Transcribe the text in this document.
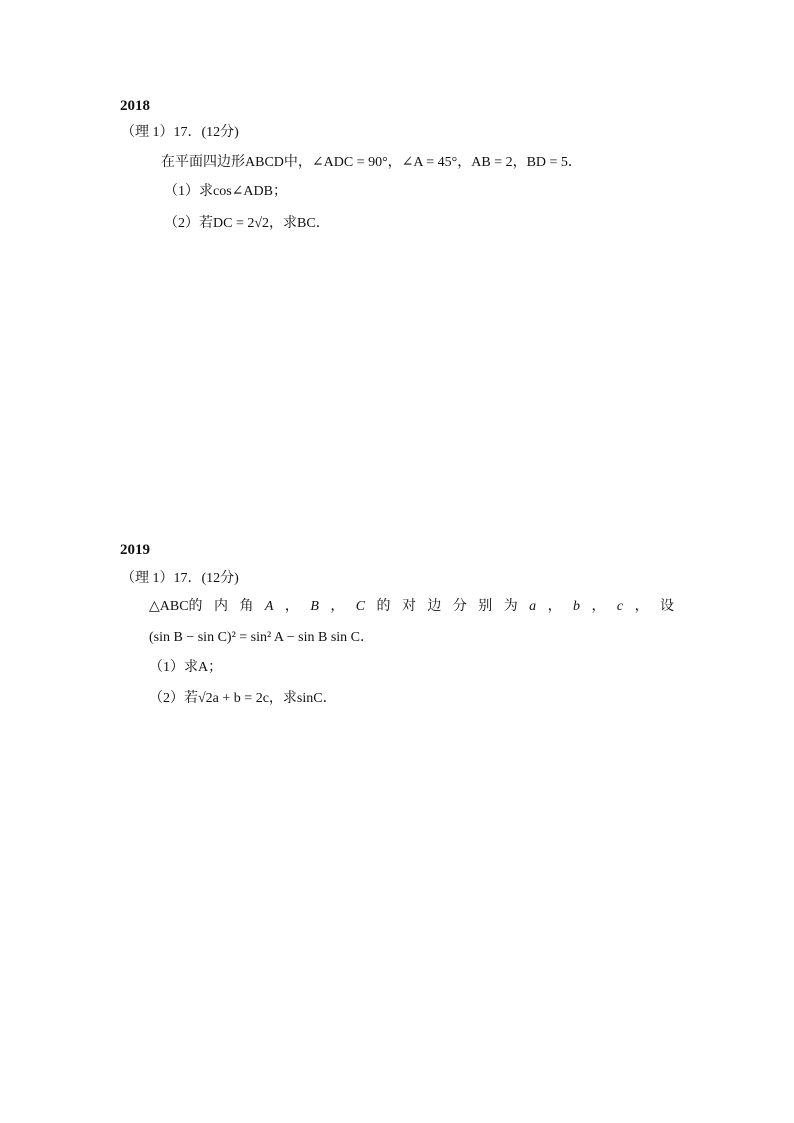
2018
（理 1）17．(12分)
在平面四边形ABCD中，∠ADC = 90°，∠A = 45°，AB = 2，BD = 5．
（1）求cos∠ADB；
（2）若DC = 2√2，求BC．
2019
（理 1）17．(12分)
△ABC的 内 角 A ， B ， C 的 对 边 分 别 为 a ， b ， c ， 设
(sin B − sin C)² = sin² A − sin B sin C．
（1）求A；
（2）若√2a + b = 2c，求sinC．
